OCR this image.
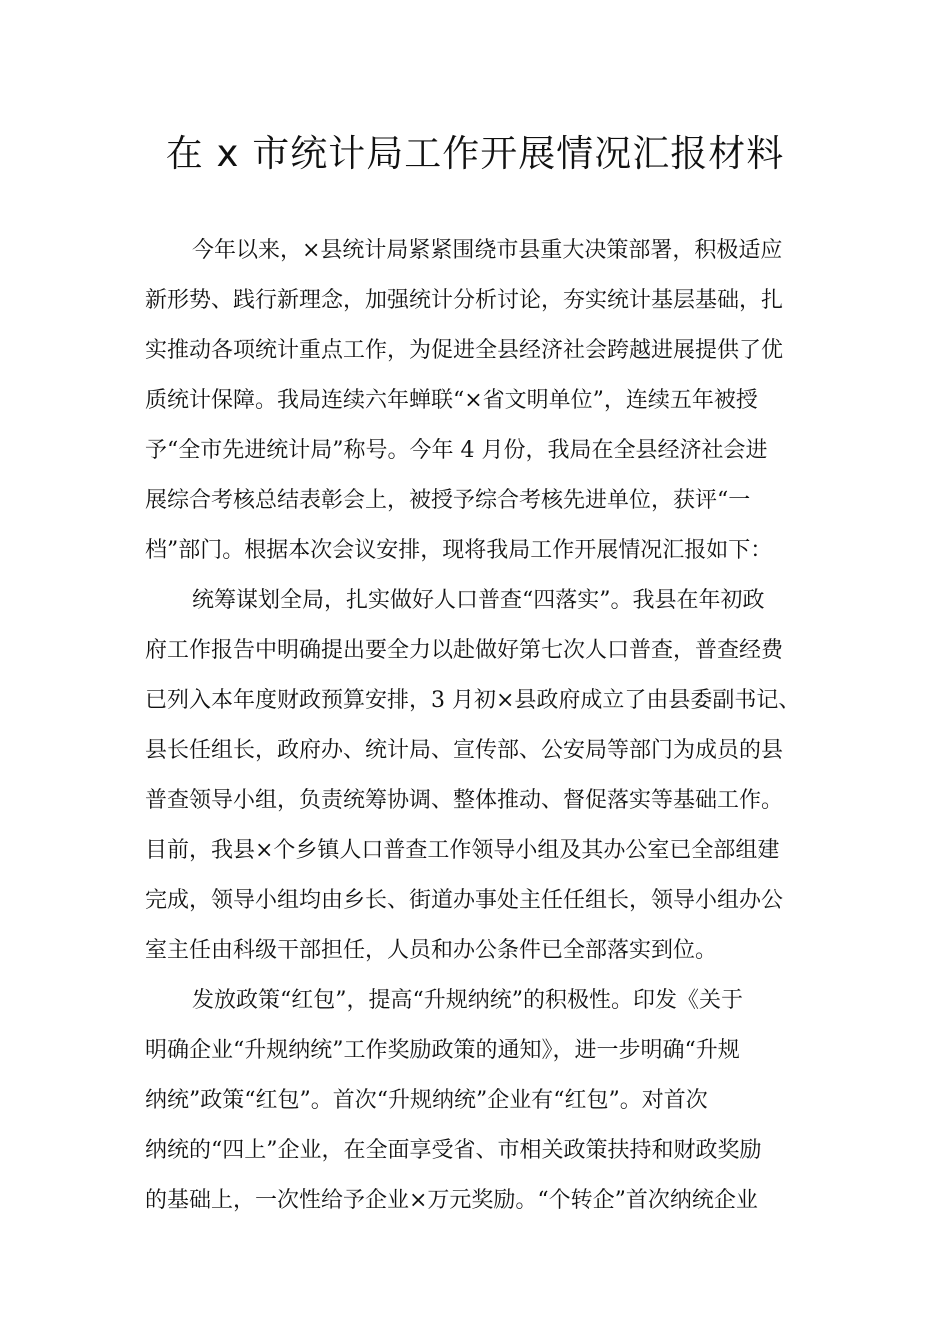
在 x 市统计局工作开展情况汇报材料
今年以来，×县统计局紧紧围绕市县重大决策部署，积极适应
新形势、践行新理念，加强统计分析讨论，夯实统计基层基础，扎
实推动各项统计重点工作，为促进全县经济社会跨越进展提供了优
质统计保障。我局连续六年蝉联“×省文明单位”，连续五年被授
予“全市先进统计局”称号。今年 4 月份，我局在全县经济社会进
展综合考核总结表彰会上，被授予综合考核先进单位，获评“一
档”部门。根据本次会议安排，现将我局工作开展情况汇报如下：
统筹谋划全局，扎实做好人口普查“四落实”。我县在年初政
府工作报告中明确提出要全力以赴做好第七次人口普查，普查经费
已列入本年度财政预算安排，3 月初×县政府成立了由县委副书记、
县长任组长，政府办、统计局、宣传部、公安局等部门为成员的县
普查领导小组，负责统筹协调、整体推动、督促落实等基础工作。
目前，我县×个乡镇人口普查工作领导小组及其办公室已全部组建
完成，领导小组均由乡长、街道办事处主任任组长，领导小组办公
室主任由科级干部担任，人员和办公条件已全部落实到位。
发放政策“红包”，提高“升规纳统”的积极性。印发《关于
明确企业“升规纳统”工作奖励政策的通知》，进一步明确“升规
纳统”政策“红包”。首次“升规纳统”企业有“红包”。对首次
纳统的“四上”企业，在全面享受省、市相关政策扶持和财政奖励
的基础上，一次性给予企业×万元奖励。“个转企”首次纳统企业
